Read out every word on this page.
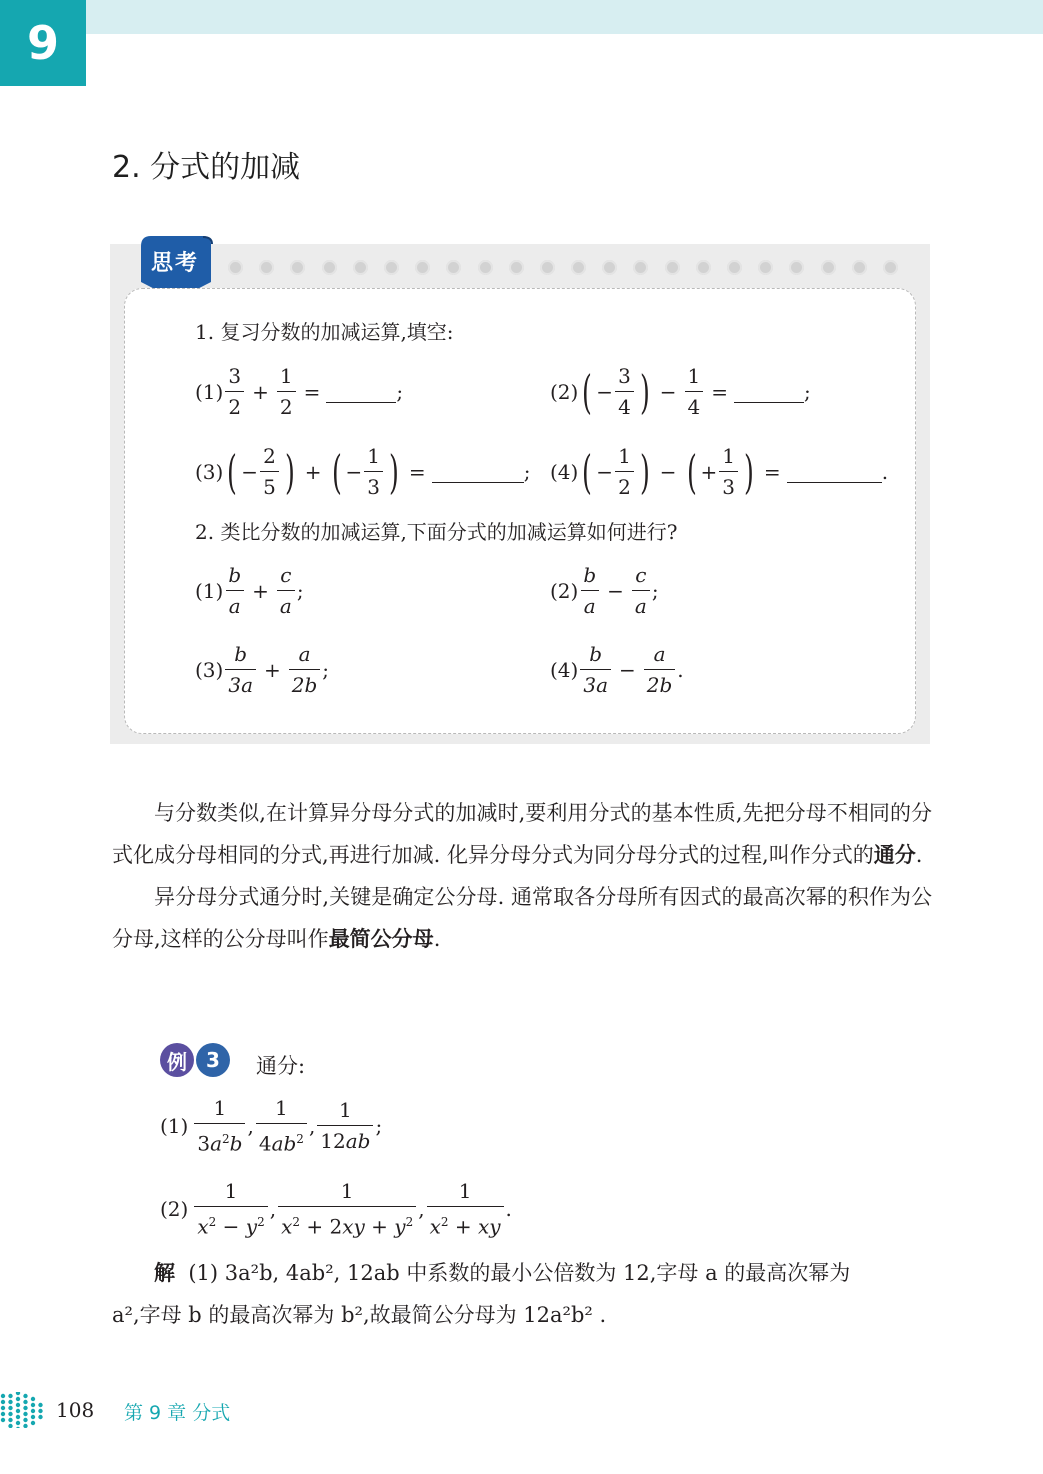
9
2. 分式的加减
思考
1. 复习分数的加减运算,填空:
$(1) \frac{3}{2} + \frac{1}{2}$ =	;	(2) ( − $\frac{3}{4}$ ) − $\frac{1}{4}$ =	;
(3) ( − $\frac{2}{5}$ ) + ( − $\frac{1}{3}$ ) =	; (4) ( − $\frac{1}{2}$ ) − ( + $\frac{1}{3}$ ) =	.
2. 类比分数的加减运算,下面分式的加减运算如何进行?
$(1) \frac{b}{a} + \frac{c}{a}$ ;	$(2) \frac{b}{a} - \frac{c}{a}$ ;
$(3) \frac{b}{3a} + \frac{a}{2b}$ ;	$(4) \frac{b}{3a} - \frac{a}{2b}$ .

与分数类似,在计算异分母分式的加减时,要利用分式的基本性质,先把分母不相同的分式化成分母相同的分式,再进行加减. 化异分母分式为同分母分式的过程,叫作分式的通分.

异分母分式通分时,关键是确定公分母. 通常取各分母所有因式的最高次幂的积作为公分母,这样的公分母叫作最简公分母.

例 3	通分:
$(1) \frac{1}{3a^2b}$ , $\frac{1}{4ab^2}$ , $\frac{1}{12ab}$ ;
$(2) \frac{1}{x^2 - y^2}$ , $\frac{1}{x^2 + 2xy + y^2}$ , $\frac{1}{x^2 + xy}$ .

解 (1) 3a²b, 4ab², 12ab 中系数的最小公倍数为 12,字母 a 的最高次幂为

a²,字母 b 的最高次幂为 b²,故最简公分母为 12a²b² .
108 第 9 章 分式
